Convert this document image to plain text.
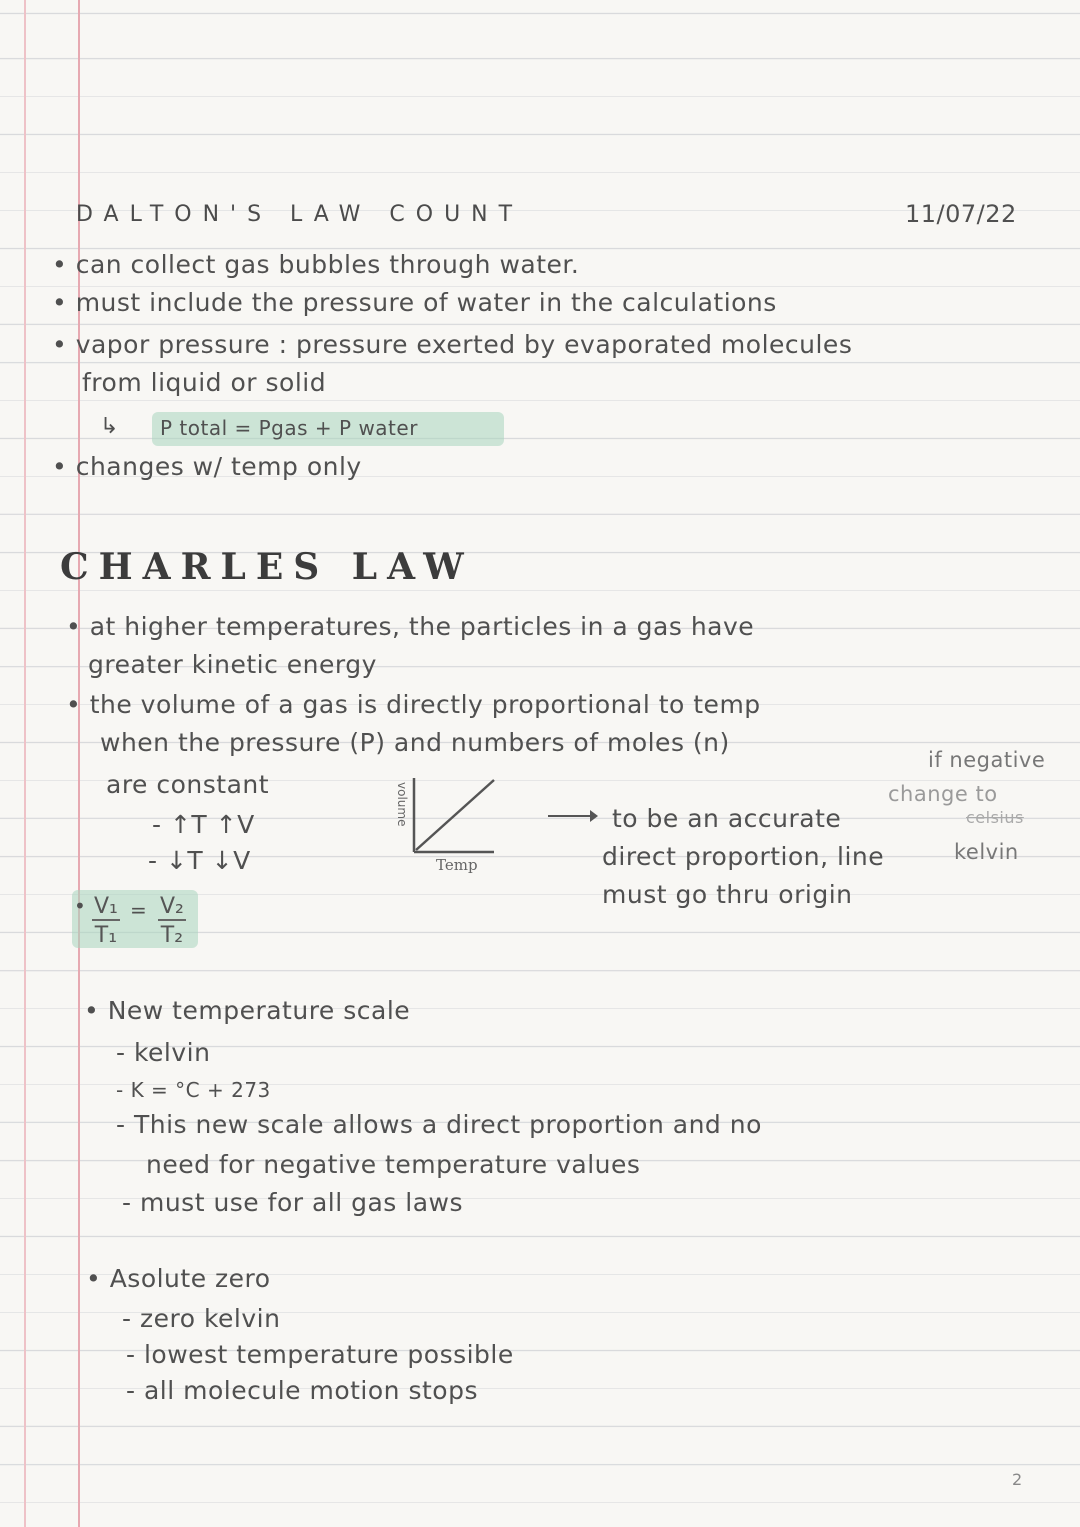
DALTON'S LAW COUNT	11/07/22
• can collect gas bubbles through water.
• must include the pressure of water in the calculations
• vapor pressure : pressure exerted by evaporated molecules
from liquid or solid
↳ P total = Pgas + P water
• changes w/ temp only
CHARLES LAW
• at higher temperatures, the particles in a gas have
greater kinetic energy
• the volume of a gas is directly proportional to temp
when the pressure (P) and numbers of moles (n)
are constant
- ↑T ↑V
- ↓T ↓V
volume
Temp
to be an accurate
direct proportion, line
must go thru origin
if negative
change to
celsius
kelvin
• $\frac{\text{V₁}}{\text{T₁}} = \frac{\text{V₂}}{\text{T₂}}$
• New temperature scale
- kelvin
- K = °C + 273
- This new scale allows a direct proportion and no
need for negative temperature values
- must use for all gas laws
• Asolute zero
- zero kelvin
- lowest temperature possible
- all molecule motion stops
2
